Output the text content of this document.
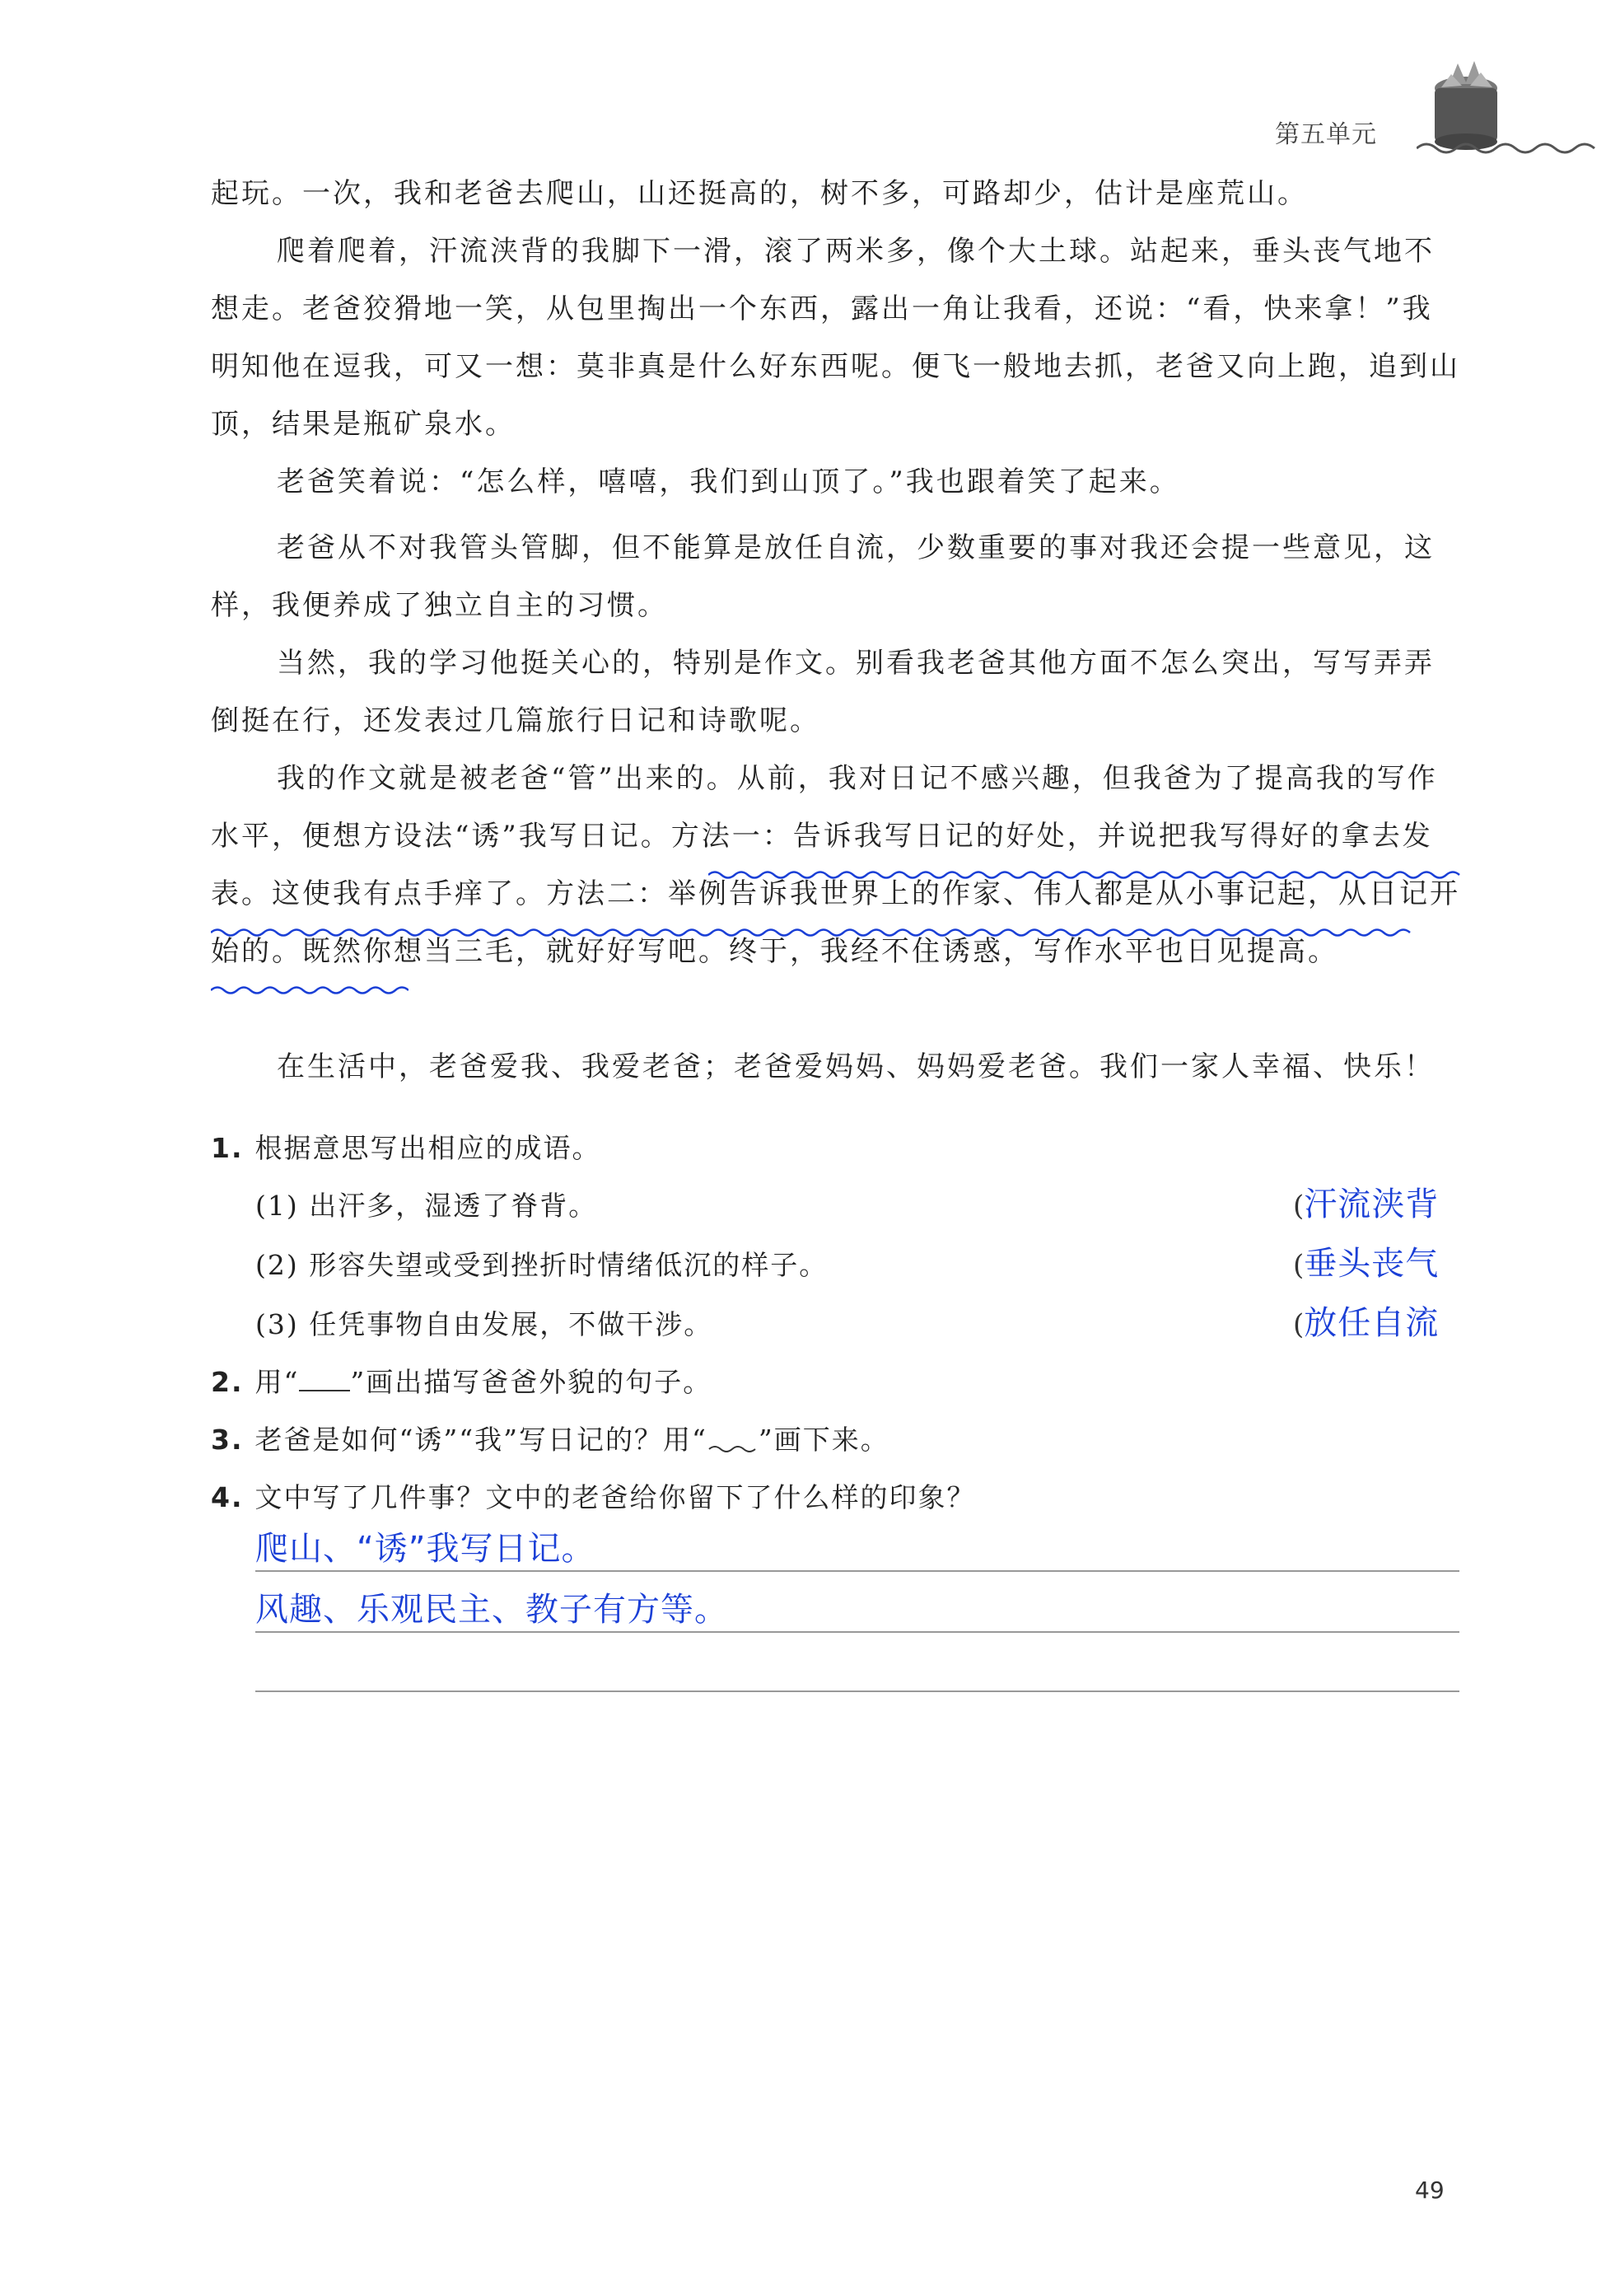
第五单元

起玩。一次，我和老爸去爬山，山还挺高的，树不多，可路却少，估计是座荒山。

爬着爬着，汗流浃背的我脚下一滑，滚了两米多，像个大土球。站起来，垂头丧气地不想走。老爸狡猾地一笑，从包里掏出一个东西，露出一角让我看，还说：“看，快来拿！”我明知他在逗我，可又一想：莫非真是什么好东西呢。便飞一般地去抓，老爸又向上跑，追到山顶，结果是瓶矿泉水。

老爸笑着说：“怎么样，嘻嘻，我们到山顶了。”我也跟着笑了起来。

老爸从不对我管头管脚，但不能算是放任自流，少数重要的事对我还会提一些意见，这样，我便养成了独立自主的习惯。

当然，我的学习他挺关心的，特别是作文。别看我老爸其他方面不怎么突出，写写弄弄倒挺在行，还发表过几篇旅行日记和诗歌呢。

我的作文就是被老爸“管”出来的。从前，我对日记不感兴趣，但我爸为了提高我的写作水平，便想方设法“诱”我写日记。方法一：告诉我写日记的好处，并说把我写得好的拿去发表。这使我有点手痒了。方法二：举例告诉我世界上的作家、伟人都是从小事记起，从日记开始的。既然你想当三毛，就好好写吧。终于，我经不住诱惑，写作水平也日见提高。

在生活中，老爸爱我、我爱老爸；老爸爱妈妈、妈妈爱老爸。我们一家人幸福、快乐！

1. 根据意思写出相应的成语。
(1) 出汗多，湿透了脊背。	(汗流浃背
(2) 形容失望或受到挫折时情绪低沉的样子。	(垂头丧气
(3) 任凭事物自由发展，不做干涉。	(放任自流
2. 用“ ”画出描写爸爸外貌的句子。
3. 老爸是如何“诱”“我”写日记的？用“ ”画下来。
4. 文中写了几件事？文中的老爸给你留下了什么样的印象？
爬山、“诱”我写日记。
风趣、乐观民主、教子有方等。
49
